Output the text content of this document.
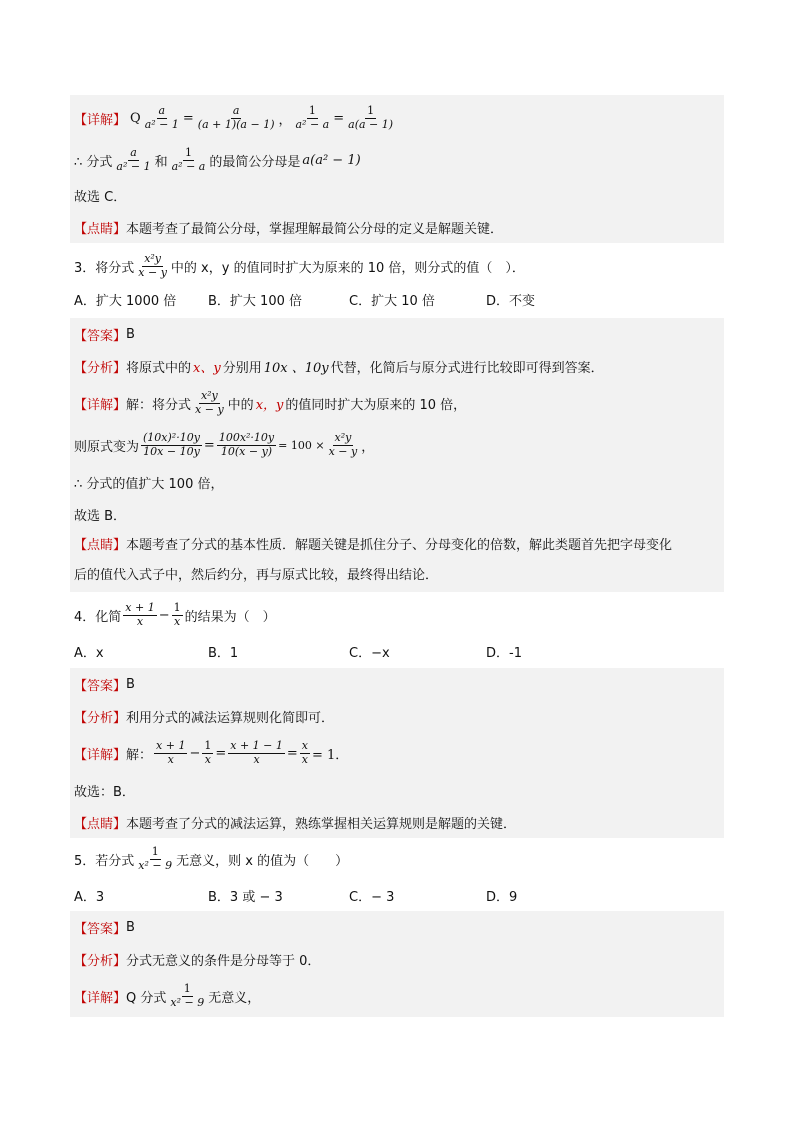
【详解】 Q $\frac{a}{\text{a² − 1}} = \frac{a}{(a + 1)(a - 1)}$ ， $\frac{1}{\text{a² − a}} = \frac{1}{a(a - 1)}$
∴ 分式 $\frac{a}{\text{a² − 1}}$ 和 $\frac{1}{\text{a² − a}}$ 的最简公分母是 a(a² − 1)
故选 C．
【点睛】 本题考查了最简公分母，掌握理解最简公分母的定义是解题关键．
3．将分式 $\frac{\text{x²y}}{x - y}$ 中的 x，y 的值同时扩大为原来的 10 倍，则分式的值（　）．
A．扩大 1000 倍 B．扩大 100 倍	C．扩大 10 倍	D．不变
【答案】 B
【分析】 将原式中的 x、y 分别用 10x 、10y 代替，化简后与原分式进行比较即可得到答案．
【详解】 解：将分式 $\frac{\text{x²y}}{x - y}$ 中的 x，y 的值同时扩大为原来的 10 倍，
则原式变为 $\frac{\text{(10x)²·10y}}{10x - 10y} = \frac{\text{100x²·10y}}{10(x - y)} = 100 \times \frac{\text{x²y}}{x - y}$ ，
∴ 分式的值扩大 100 倍，
故选 B．
【点睛】本题考查了分式的基本性质．解题关键是抓住分子、分母变化的倍数，解此类题首先把字母变化
后的值代入式子中，然后约分，再与原式比较，最终得出结论．
4．化简 $\frac{x + 1}{x} - \frac{1}{x}$ 的结果为（　）
A．x	B．1	C．−x	D．-1
【答案】 B
【分析】 利用分式的减法运算规则化简即可．
【详解】 解： $\frac{x + 1}{x} - \frac{1}{x} = \frac{x + 1 - 1}{x} = \frac{x}{x} = 1$．
故选：B．
【点睛】 本题考查了分式的减法运算，熟练掌握相关运算规则是解题的关键．
5．若分式 $\frac{1}{\text{x² − 9}}$ 无意义，则 x 的值为（　　）
A．3	B．3 或 − 3	C．− 3	D．9
【答案】 B
【分析】 分式无意义的条件是分母等于 0．
【详解】 Q 分式 $\frac{1}{\text{x² − 9}}$ 无意义，
